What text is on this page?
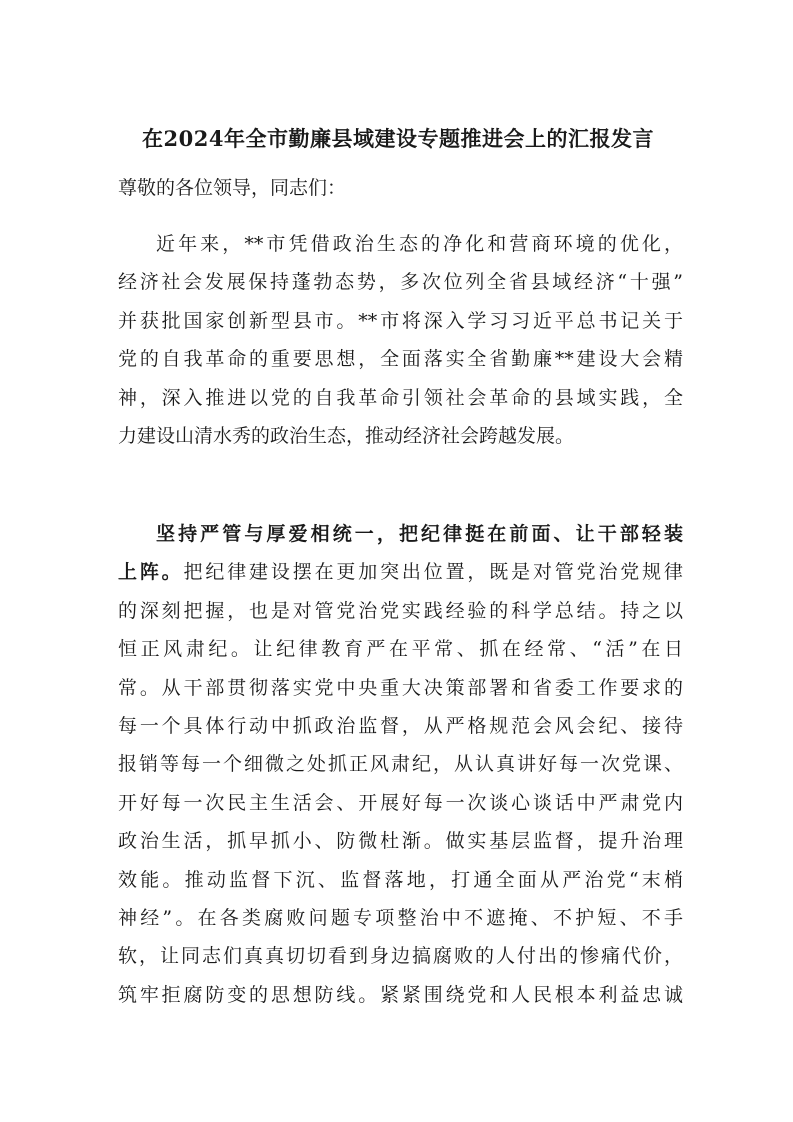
在2024年全市勤廉县域建设专题推进会上的汇报发言
尊敬的各位领导，同志们：
近年来，**市凭借政治生态的净化和营商环境的优化，
经济社会发展保持蓬勃态势，多次位列全省县域经济“十强”
并获批国家创新型县市。**市将深入学习习近平总书记关于
党的自我革命的重要思想，全面落实全省勤廉**建设大会精
神，深入推进以党的自我革命引领社会革命的县域实践，全
力建设山清水秀的政治生态，推动经济社会跨越发展。
坚持严管与厚爱相统一，把纪律挺在前面、让干部轻装
上阵。把纪律建设摆在更加突出位置，既是对管党治党规律
的深刻把握，也是对管党治党实践经验的科学总结。持之以
恒正风肃纪。让纪律教育严在平常、抓在经常、“活”在日
常。从干部贯彻落实党中央重大决策部署和省委工作要求的
每一个具体行动中抓政治监督，从严格规范会风会纪、接待
报销等每一个细微之处抓正风肃纪，从认真讲好每一次党课、
开好每一次民主生活会、开展好每一次谈心谈话中严肃党内
政治生活，抓早抓小、防微杜渐。做实基层监督，提升治理
效能。推动监督下沉、监督落地，打通全面从严治党“末梢
神经”。在各类腐败问题专项整治中不遮掩、不护短、不手
软，让同志们真真切切看到身边搞腐败的人付出的惨痛代价，
筑牢拒腐防变的思想防线。紧紧围绕党和人民根本利益忠诚
